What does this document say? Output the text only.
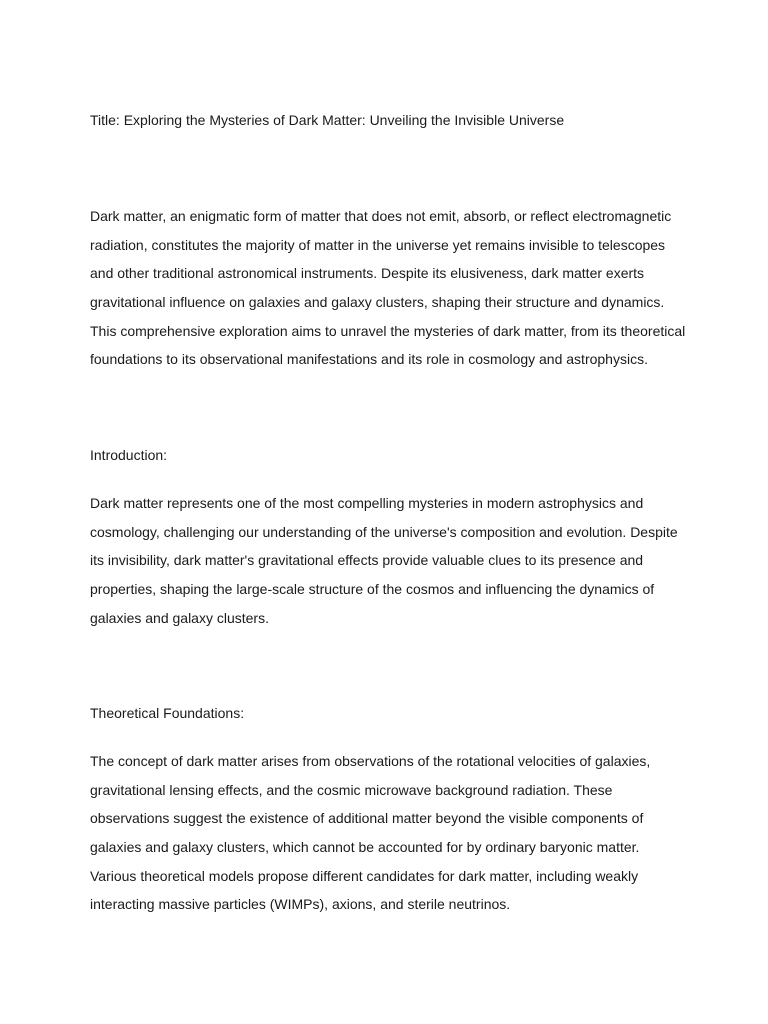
Title: Exploring the Mysteries of Dark Matter: Unveiling the Invisible Universe

Dark matter, an enigmatic form of matter that does not emit, absorb, or reflect electromagnetic
radiation, constitutes the majority of matter in the universe yet remains invisible to telescopes
and other traditional astronomical instruments. Despite its elusiveness, dark matter exerts
gravitational influence on galaxies and galaxy clusters, shaping their structure and dynamics.
This comprehensive exploration aims to unravel the mysteries of dark matter, from its theoretical
foundations to its observational manifestations and its role in cosmology and astrophysics.

Introduction:

Dark matter represents one of the most compelling mysteries in modern astrophysics and
cosmology, challenging our understanding of the universe's composition and evolution. Despite
its invisibility, dark matter's gravitational effects provide valuable clues to its presence and
properties, shaping the large-scale structure of the cosmos and influencing the dynamics of
galaxies and galaxy clusters.

Theoretical Foundations:

The concept of dark matter arises from observations of the rotational velocities of galaxies,
gravitational lensing effects, and the cosmic microwave background radiation. These
observations suggest the existence of additional matter beyond the visible components of
galaxies and galaxy clusters, which cannot be accounted for by ordinary baryonic matter.
Various theoretical models propose different candidates for dark matter, including weakly
interacting massive particles (WIMPs), axions, and sterile neutrinos.
